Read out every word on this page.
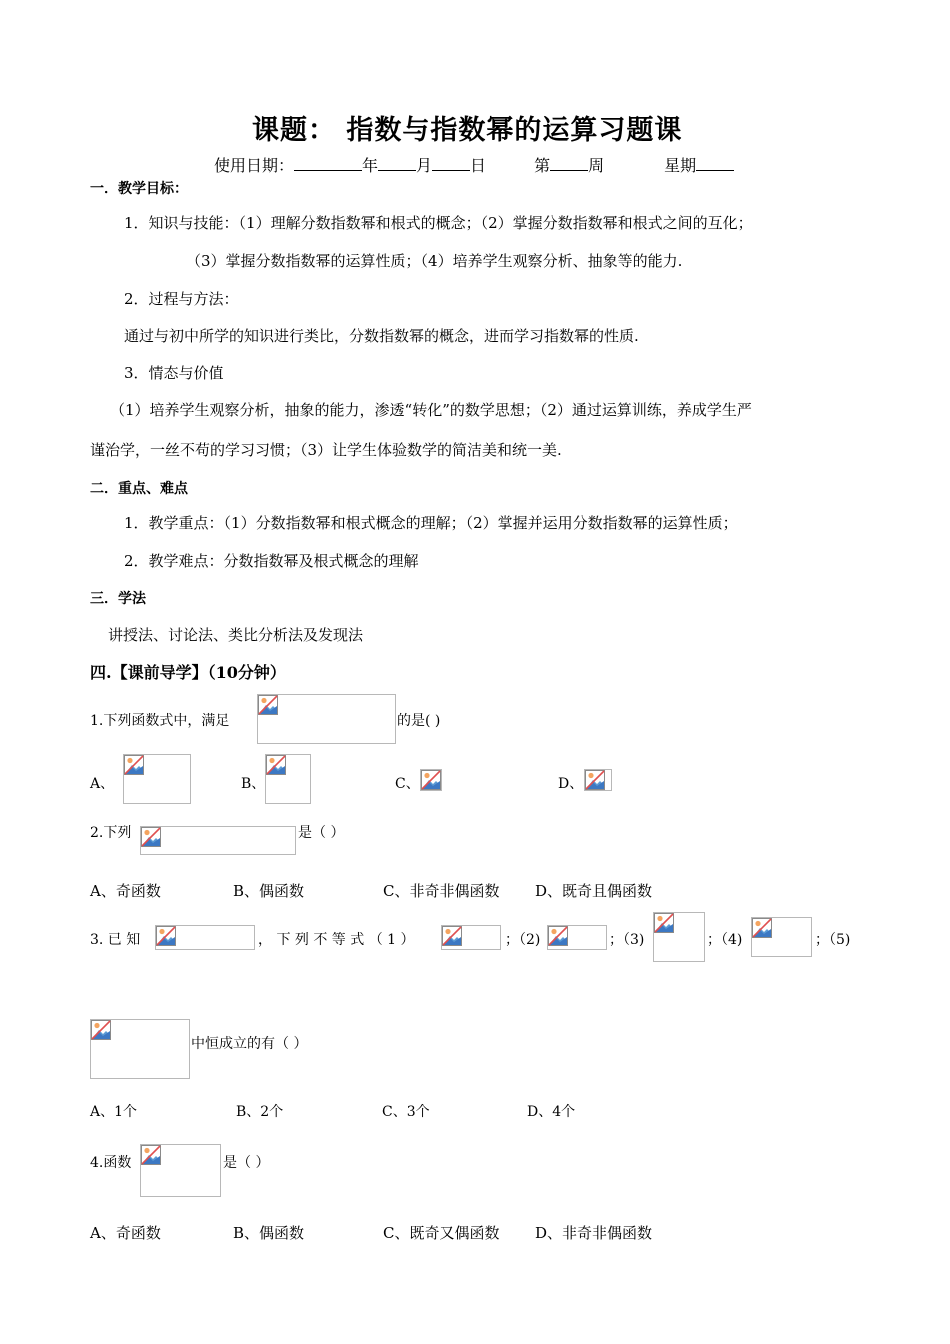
课题： 指数与指数幂的运算习题课
使用日期：	年 月 日	第 周	星期
一．教学目标：
1．知识与技能：（1）理解分数指数幂和根式的概念；（2）掌握分数指数幂和根式之间的互化；
（3）掌握分数指数幂的运算性质；（4）培养学生观察分析、抽象等的能力.
2．过程与方法：
通过与初中所学的知识进行类比，分数指数幂的概念，进而学习指数幂的性质.
3．情态与价值
（1）培养学生观察分析，抽象的能力，渗透“转化”的数学思想；（2）通过运算训练，养成学生严
谨治学，一丝不苟的学习习惯；（3）让学生体验数学的简洁美和统一美.
二．重点、难点
1．教学重点：（1）分数指数幂和根式概念的理解；（2）掌握并运用分数指数幂的运算性质；
2．教学难点：分数指数幂及根式概念的理解
三．学法
讲授法、讨论法、类比分析法及发现法
四.【课前导学】（10分钟）
1.下列函数式中，满足	的是( )
A、	B、	C、	D、
2.下列	是（ ）
A、奇函数	B、偶函数	C、非奇非偶函数 D、既奇且偶函数
3. 已 知	， 下 列 不 等 式 （ 1 ）	；（2)	；（3)	；（4)	；（5)
中恒成立的有（ ）
A、1个	B、2个	C、3个	D、4个
4.函数	是（ ）
A、奇函数	B、偶函数	C、既奇又偶函数 D、非奇非偶函数
